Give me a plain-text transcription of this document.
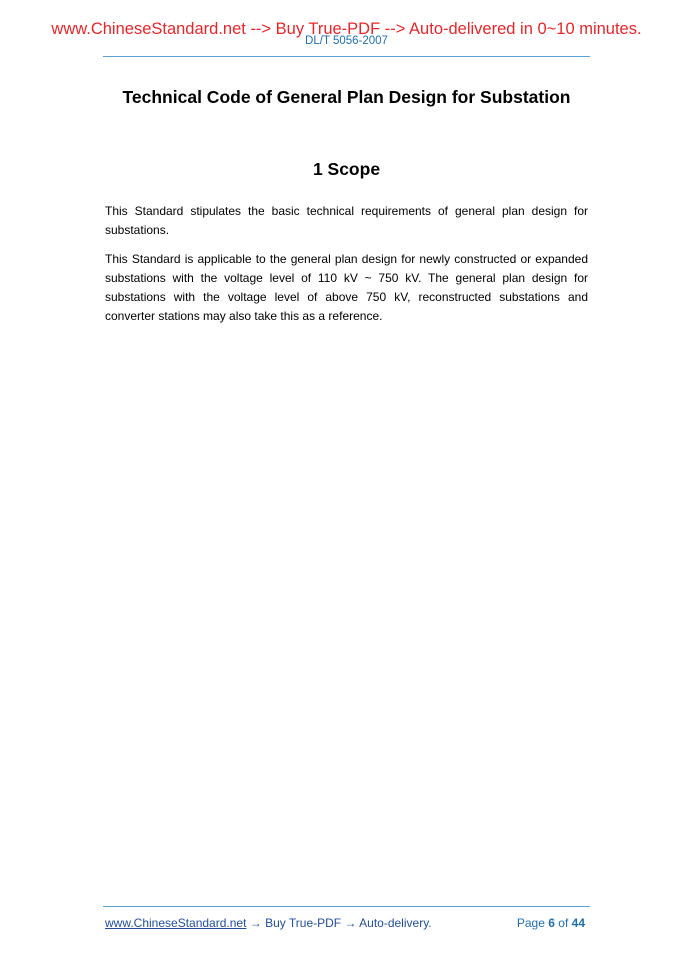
www.ChineseStandard.net --> Buy True-PDF --> Auto-delivered in 0~10 minutes.
DL/T 5056-2007
Technical Code of General Plan Design for Substation
1 Scope

This Standard stipulates the basic technical requirements of general plan design for substations.

This Standard is applicable to the general plan design for newly constructed or expanded substations with the voltage level of 110 kV ~ 750 kV. The general plan design for substations with the voltage level of above 750 kV, reconstructed substations and converter stations may also take this as a reference.

www.ChineseStandard.net → Buy True-PDF → Auto-delivery.	Page 6 of 44
